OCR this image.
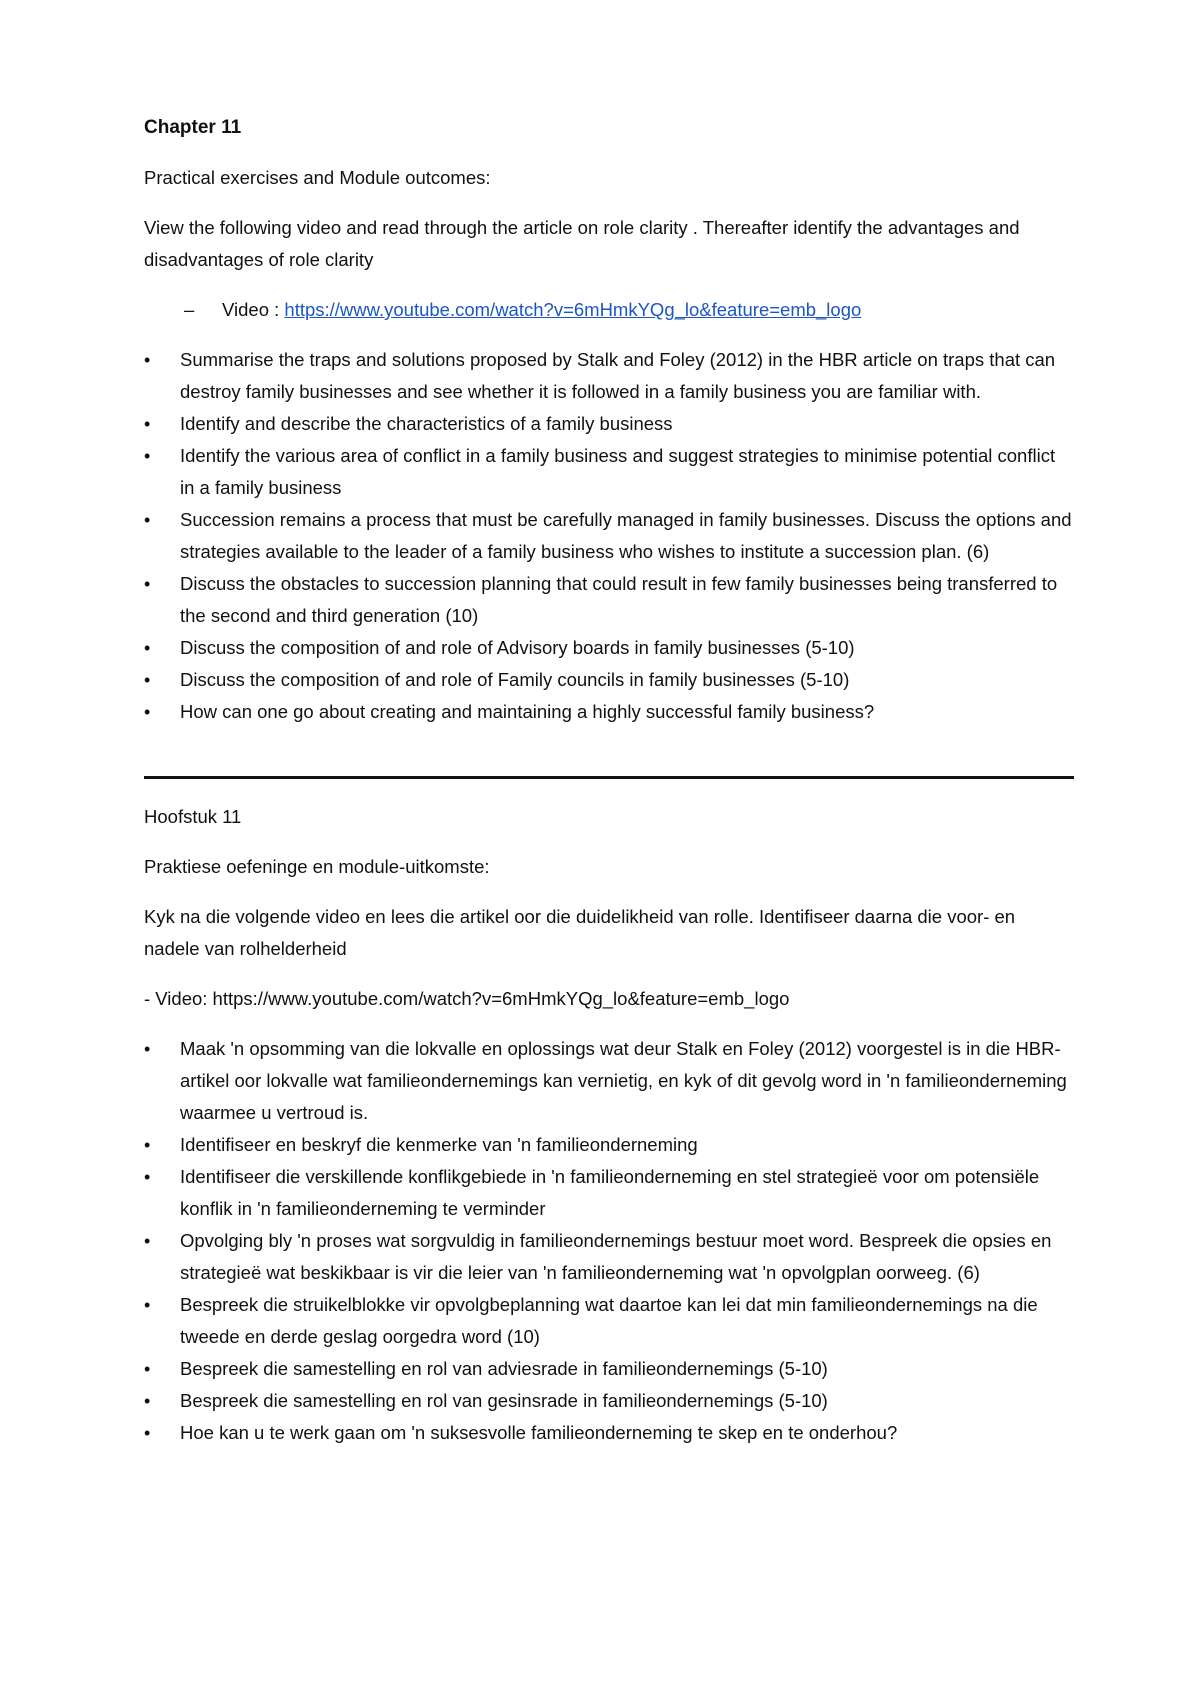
Chapter 11
Practical exercises and Module outcomes:
View the following video and read through the article on role clarity . Thereafter identify the advantages and disadvantages of role clarity
–	Video : https://www.youtube.com/watch?v=6mHmkYQg_lo&feature=emb_logo
•	Summarise the traps and solutions proposed by Stalk and Foley (2012) in the HBR article on traps that can destroy family businesses and see whether it is followed in a family business you are familiar with.
•	Identify and describe the characteristics of a family business
•	Identify the various area of conflict in a family business and suggest strategies to minimise potential conflict in a family business
•	Succession remains a process that must be carefully managed in family businesses. Discuss the options and strategies available to the leader of a family business who wishes to institute a succession plan. (6)
•	Discuss the obstacles to succession planning that could result in few family businesses being transferred to the second and third generation (10)
•	Discuss the composition of and role of Advisory boards in family businesses (5-10)
•	Discuss the composition of and role of Family councils in family businesses (5-10)
•	How can one go about creating and maintaining a highly successful family business?
Hoofstuk 11
Praktiese oefeninge en module-uitkomste:
Kyk na die volgende video en lees die artikel oor die duidelikheid van rolle. Identifiseer daarna die voor- en nadele van rolhelderheid
- Video: https://www.youtube.com/watch?v=6mHmkYQg_lo&feature=emb_logo
•	Maak 'n opsomming van die lokvalle en oplossings wat deur Stalk en Foley (2012) voorgestel is in die HBR-artikel oor lokvalle wat familieondernemings kan vernietig, en kyk of dit gevolg word in 'n familieonderneming waarmee u vertroud is.
•	Identifiseer en beskryf die kenmerke van 'n familieonderneming
•	Identifiseer die verskillende konflikgebiede in 'n familieonderneming en stel strategieë voor om potensiële konflik in 'n familieonderneming te verminder
•	Opvolging bly 'n proses wat sorgvuldig in familieondernemings bestuur moet word. Bespreek die opsies en strategieë wat beskikbaar is vir die leier van 'n familieonderneming wat 'n opvolgplan oorweeg. (6)
•	Bespreek die struikelblokke vir opvolgbeplanning wat daartoe kan lei dat min familieondernemings na die tweede en derde geslag oorgedra word (10)
•	Bespreek die samestelling en rol van adviesrade in familieondernemings (5-10)
•	Bespreek die samestelling en rol van gesinsrade in familieondernemings (5-10)
•	Hoe kan u te werk gaan om 'n suksesvolle familieonderneming te skep en te onderhou?
